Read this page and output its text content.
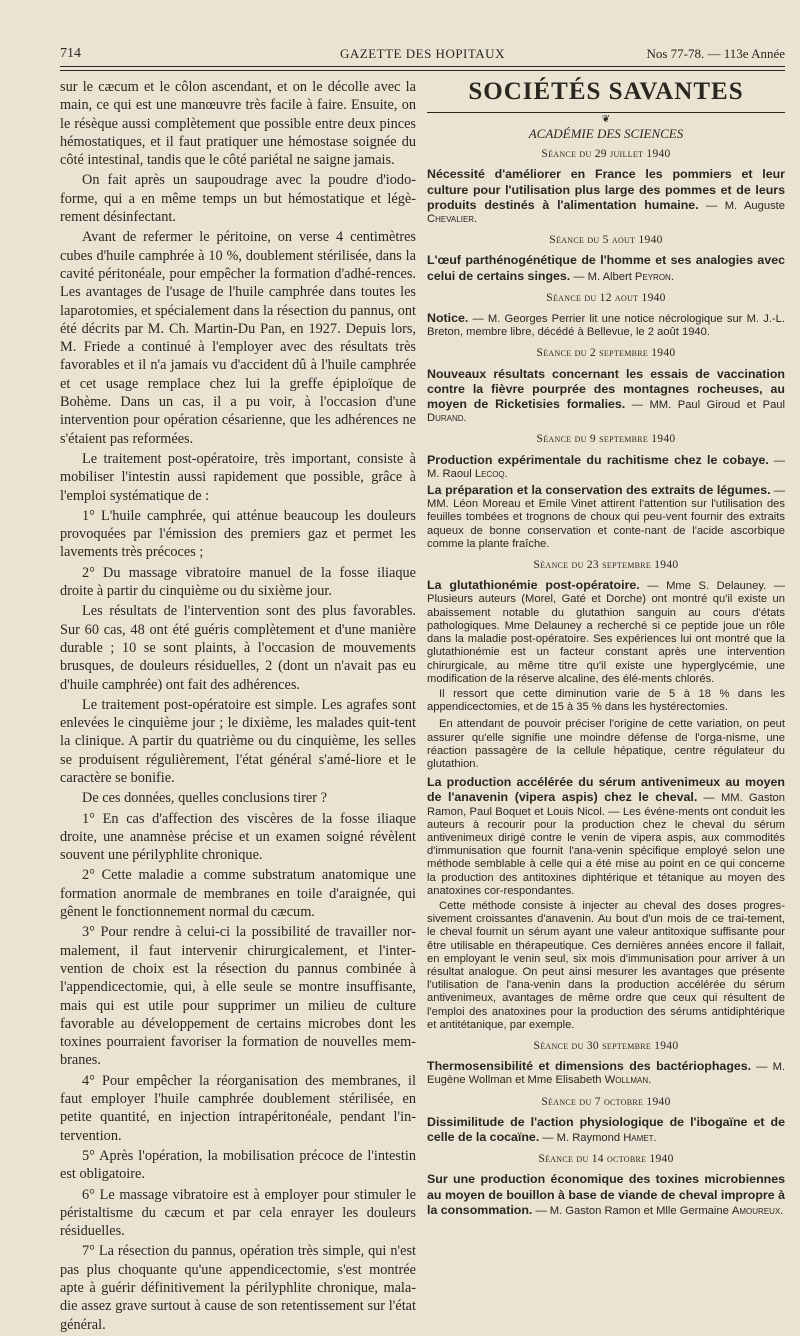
714	GAZETTE DES HOPITAUX	Nos 77-78. — 113e Année

sur le cæcum et le côlon ascendant, et on le décolle avec la main, ce qui est une manœuvre très facile à faire. Ensuite, on le résèque aussi complètement que possible entre deux pinces hémostatiques, et il faut pratiquer une hémostase soignée du côté intestinal, tandis que le côté pariétal ne saigne jamais.

On fait après un saupoudrage avec la poudre d'iodo-forme, qui a en même temps un but hémostatique et légè-rement désinfectant.

Avant de refermer le péritoine, on verse 4 centimètres cubes d'huile camphrée à 10 %, doublement stérilisée, dans la cavité péritonéale, pour empêcher la formation d'adhé-rences. Les avantages de l'usage de l'huile camphrée dans toutes les laparotomies, et spécialement dans la résection du pannus, ont été décrits par M. Ch. Martin-Du Pan, en 1927. Depuis lors, M. Friede a continué à l'employer avec des résultats très favorables et il n'a jamais vu d'accident dû à l'huile camphrée et cet usage remplace chez lui la greffe épiploïque de Bohème. Dans un cas, il a pu voir, à l'occasion d'une intervention pour opération césarienne, que les adhérences ne s'étaient pas reformées.

Le traitement post-opératoire, très important, consiste à mobiliser l'intestin aussi rapidement que possible, grâce à l'emploi systématique de :

1° L'huile camphrée, qui atténue beaucoup les douleurs provoquées par l'émission des premiers gaz et permet les lavements très précoces ;

2° Du massage vibratoire manuel de la fosse iliaque droite à partir du cinquième ou du sixième jour.

Les résultats de l'intervention sont des plus favorables. Sur 60 cas, 48 ont été guéris complètement et d'une manière durable ; 10 se sont plaints, à l'occasion de mouvements brusques, de douleurs résiduelles, 2 (dont un n'avait pas eu d'huile camphrée) ont fait des adhérences.

Le traitement post-opératoire est simple. Les agrafes sont enlevées le cinquième jour ; le dixième, les malades quit-tent la clinique. A partir du quatrième ou du cinquième, les selles se produisent régulièrement, l'état général s'amé-liore et le caractère se bonifie.

De ces données, quelles conclusions tirer ?

1° En cas d'affection des viscères de la fosse iliaque droite, une anamnèse précise et un examen soigné révèlent souvent une périlyphlite chronique.

2° Cette maladie a comme substratum anatomique une formation anormale de membranes en toile d'araignée, qui gênent le fonctionnement normal du cæcum.

3° Pour rendre à celui-ci la possibilité de travailler nor-malement, il faut intervenir chirurgicalement, et l'inter-vention de choix est la résection du pannus combinée à l'appendicectomie, qui, à elle seule se montre insuffisante, mais qui est utile pour supprimer un milieu de culture favorable au développement de certains microbes dont les toxines pourraient favoriser la formation de nouvelles mem-branes.

4° Pour empêcher la réorganisation des membranes, il faut employer l'huile camphrée doublement stérilisée, en petite quantité, en injection intrapéritonéale, pendant l'in-tervention.

5° Après l'opération, la mobilisation précoce de l'intestin est obligatoire.

6° Le massage vibratoire est à employer pour stimuler le péristaltisme du cæcum et par cela enrayer les douleurs résiduelles.

7° La résection du pannus, opération très simple, qui n'est pas plus choquante qu'une appendicectomie, s'est montrée apte à guérir définitivement la périlyphlite chronique, mala-die assez grave surtout à cause de son retentissement sur l'état général.

SOCIÉTÉS SAVANTES
❦
ACADÉMIE DES SCIENCES
Séance du 29 juillet 1940

Nécessité d'améliorer en France les pommiers et leur culture pour l'utilisation plus large des pommes et de leurs produits destinés à l'alimentation humaine. — M. Auguste Chevalier.

Séance du 5 aout 1940

L'œuf parthénogénétique de l'homme et ses analogies avec celui de certains singes. — M. Albert Peyron.

Séance du 12 aout 1940

Notice. — M. Georges Perrier lit une notice nécrologique sur M. J.-L. Breton, membre libre, décédé à Bellevue, le 2 août 1940.

Séance du 2 septembre 1940

Nouveaux résultats concernant les essais de vaccination contre la fièvre pourprée des montagnes rocheuses, au moyen de Ricketisies formalies. — MM. Paul Giroud et Paul Durand.

Séance du 9 septembre 1940

Production expérimentale du rachitisme chez le cobaye. — M. Raoul Lecoq.

La préparation et la conservation des extraits de légumes. — MM. Léon Moreau et Emile Vinet attirent l'attention sur l'utilisation des feuilles tombées et trognons de choux qui peu-vent fournir des extraits aqueux de bonne conservation et conte-nant de l'acide ascorbique comme la plante fraîche.

Séance du 23 septembre 1940

La glutathionémie post-opératoire. — Mme S. Delauney. — Plusieurs auteurs (Morel, Gaté et Dorche) ont montré qu'il existe un abaissement notable du glutathion sanguin au cours d'états pathologiques. Mme Delauney a recherché si ce peptide joue un rôle dans la maladie post-opératoire. Ses expériences lui ont montré que la glutathionémie est un facteur constant après une intervention chirurgicale, au même titre qu'il existe une hyperglycémie, une modification de la réserve alcaline, des élé-ments chlorés.

Il ressort que cette diminution varie de 5 à 18 % dans les appendicectomies, et de 15 à 35 % dans les hystérectomies.

En attendant de pouvoir préciser l'origine de cette variation, on peut assurer qu'elle signifie une moindre défense de l'orga-nisme, une réaction passagère de la cellule hépatique, centre régulateur du glutathion.

La production accélérée du sérum antivenimeux au moyen de l'anavenin (vipera aspis) chez le cheval. — MM. Gaston Ramon, Paul Boquet et Louis Nicol. — Les événe-ments ont conduit les auteurs à recourir pour la production chez le cheval du sérum antivenimeux dirigé contre le venin de vipera aspis, aux commodités d'immunisation que fournit l'ana-venin spécifique employé selon une méthode semblable à celle qui a été mise au point en ce qui concerne la production des antitoxines diphtérique et tétanique au moyen des anatoxines cor-respondantes.

Cette méthode consiste à injecter au cheval des doses progres-sivement croissantes d'anavenin. Au bout d'un mois de ce trai-tement, le cheval fournit un sérum ayant une valeur antitoxique suffisante pour être utilisable en thérapeutique. Ces dernières années encore il fallait, en employant le venin seul, six mois d'immunisation pour arriver à un résultat analogue. On peut ainsi mesurer les avantages que présente l'utilisation de l'ana-venin dans la production accélérée du sérum antivenimeux, avantages de même ordre que ceux qui résultent de l'emploi des anatoxines pour la production des sérums antidiphtérique et antitétanique, par exemple.

Séance du 30 septembre 1940

Thermosensibilité et dimensions des bactériophages. — M. Eugène Wollman et Mme Elisabeth Wollman.

Séance du 7 octobre 1940

Dissimilitude de l'action physiologique de l'ibogaïne et de celle de la cocaïne. — M. Raymond Hamet.

Séance du 14 octobre 1940

Sur une production économique des toxines microbiennes au moyen de bouillon à base de viande de cheval impropre à la consommation. — M. Gaston Ramon et Mlle Germaine Amoureux.
